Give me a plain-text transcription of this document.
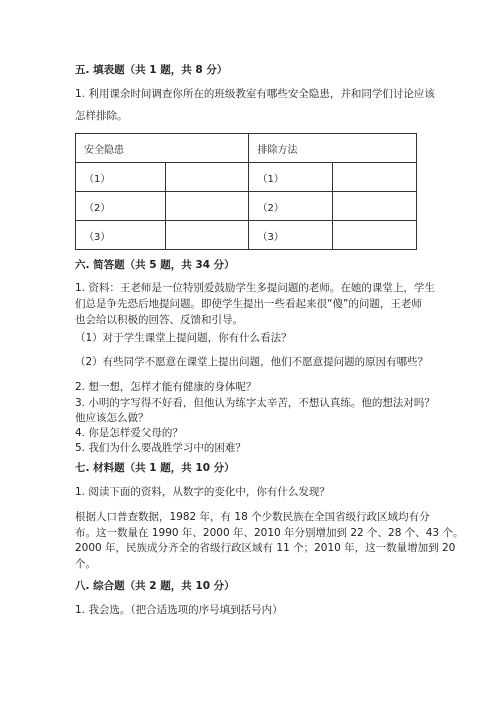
五. 填表题（共 1 题，共 8 分）
1. 利用课余时间调查你所在的班级教室有哪些安全隐患，并和同学们讨论应该
怎样排除。
安全隐患		排除方法	
（1）		（1）	
（2）		（2）	
（3）		（3）	
六. 简答题（共 5 题，共 34 分）
1. 资料：王老师是一位特别爱鼓励学生多提问题的老师。在她的课堂上，学生
们总是争先恐后地提问题。即使学生提出一些看起来很“傻”的问题，王老师
也会给以积极的回答、反馈和引导。
（1）对于学生课堂上提问题，你有什么看法？
（2）有些同学不愿意在课堂上提出问题，他们不愿意提问题的原因有哪些？
2. 想一想，怎样才能有健康的身体呢？
3. 小明的字写得不好看，但他认为练字太辛苦，不想认真练。他的想法对吗？
他应该怎么做？
4. 你是怎样爱父母的？
5. 我们为什么要战胜学习中的困难？
七. 材料题（共 1 题，共 10 分）
1. 阅读下面的资料，从数字的变化中，你有什么发现？
根据人口普查数据，1982 年，有 18 个少数民族在全国省级行政区域均有分
布。这一数量在 1990 年、2000 年、2010 年分别增加到 22 个、28 个、43 个。
2000 年，民族成分齐全的省级行政区域有 11 个；2010 年，这一数量增加到 20
个。
八. 综合题（共 2 题，共 10 分）
1. 我会选。（把合适选项的序号填到括号内）
